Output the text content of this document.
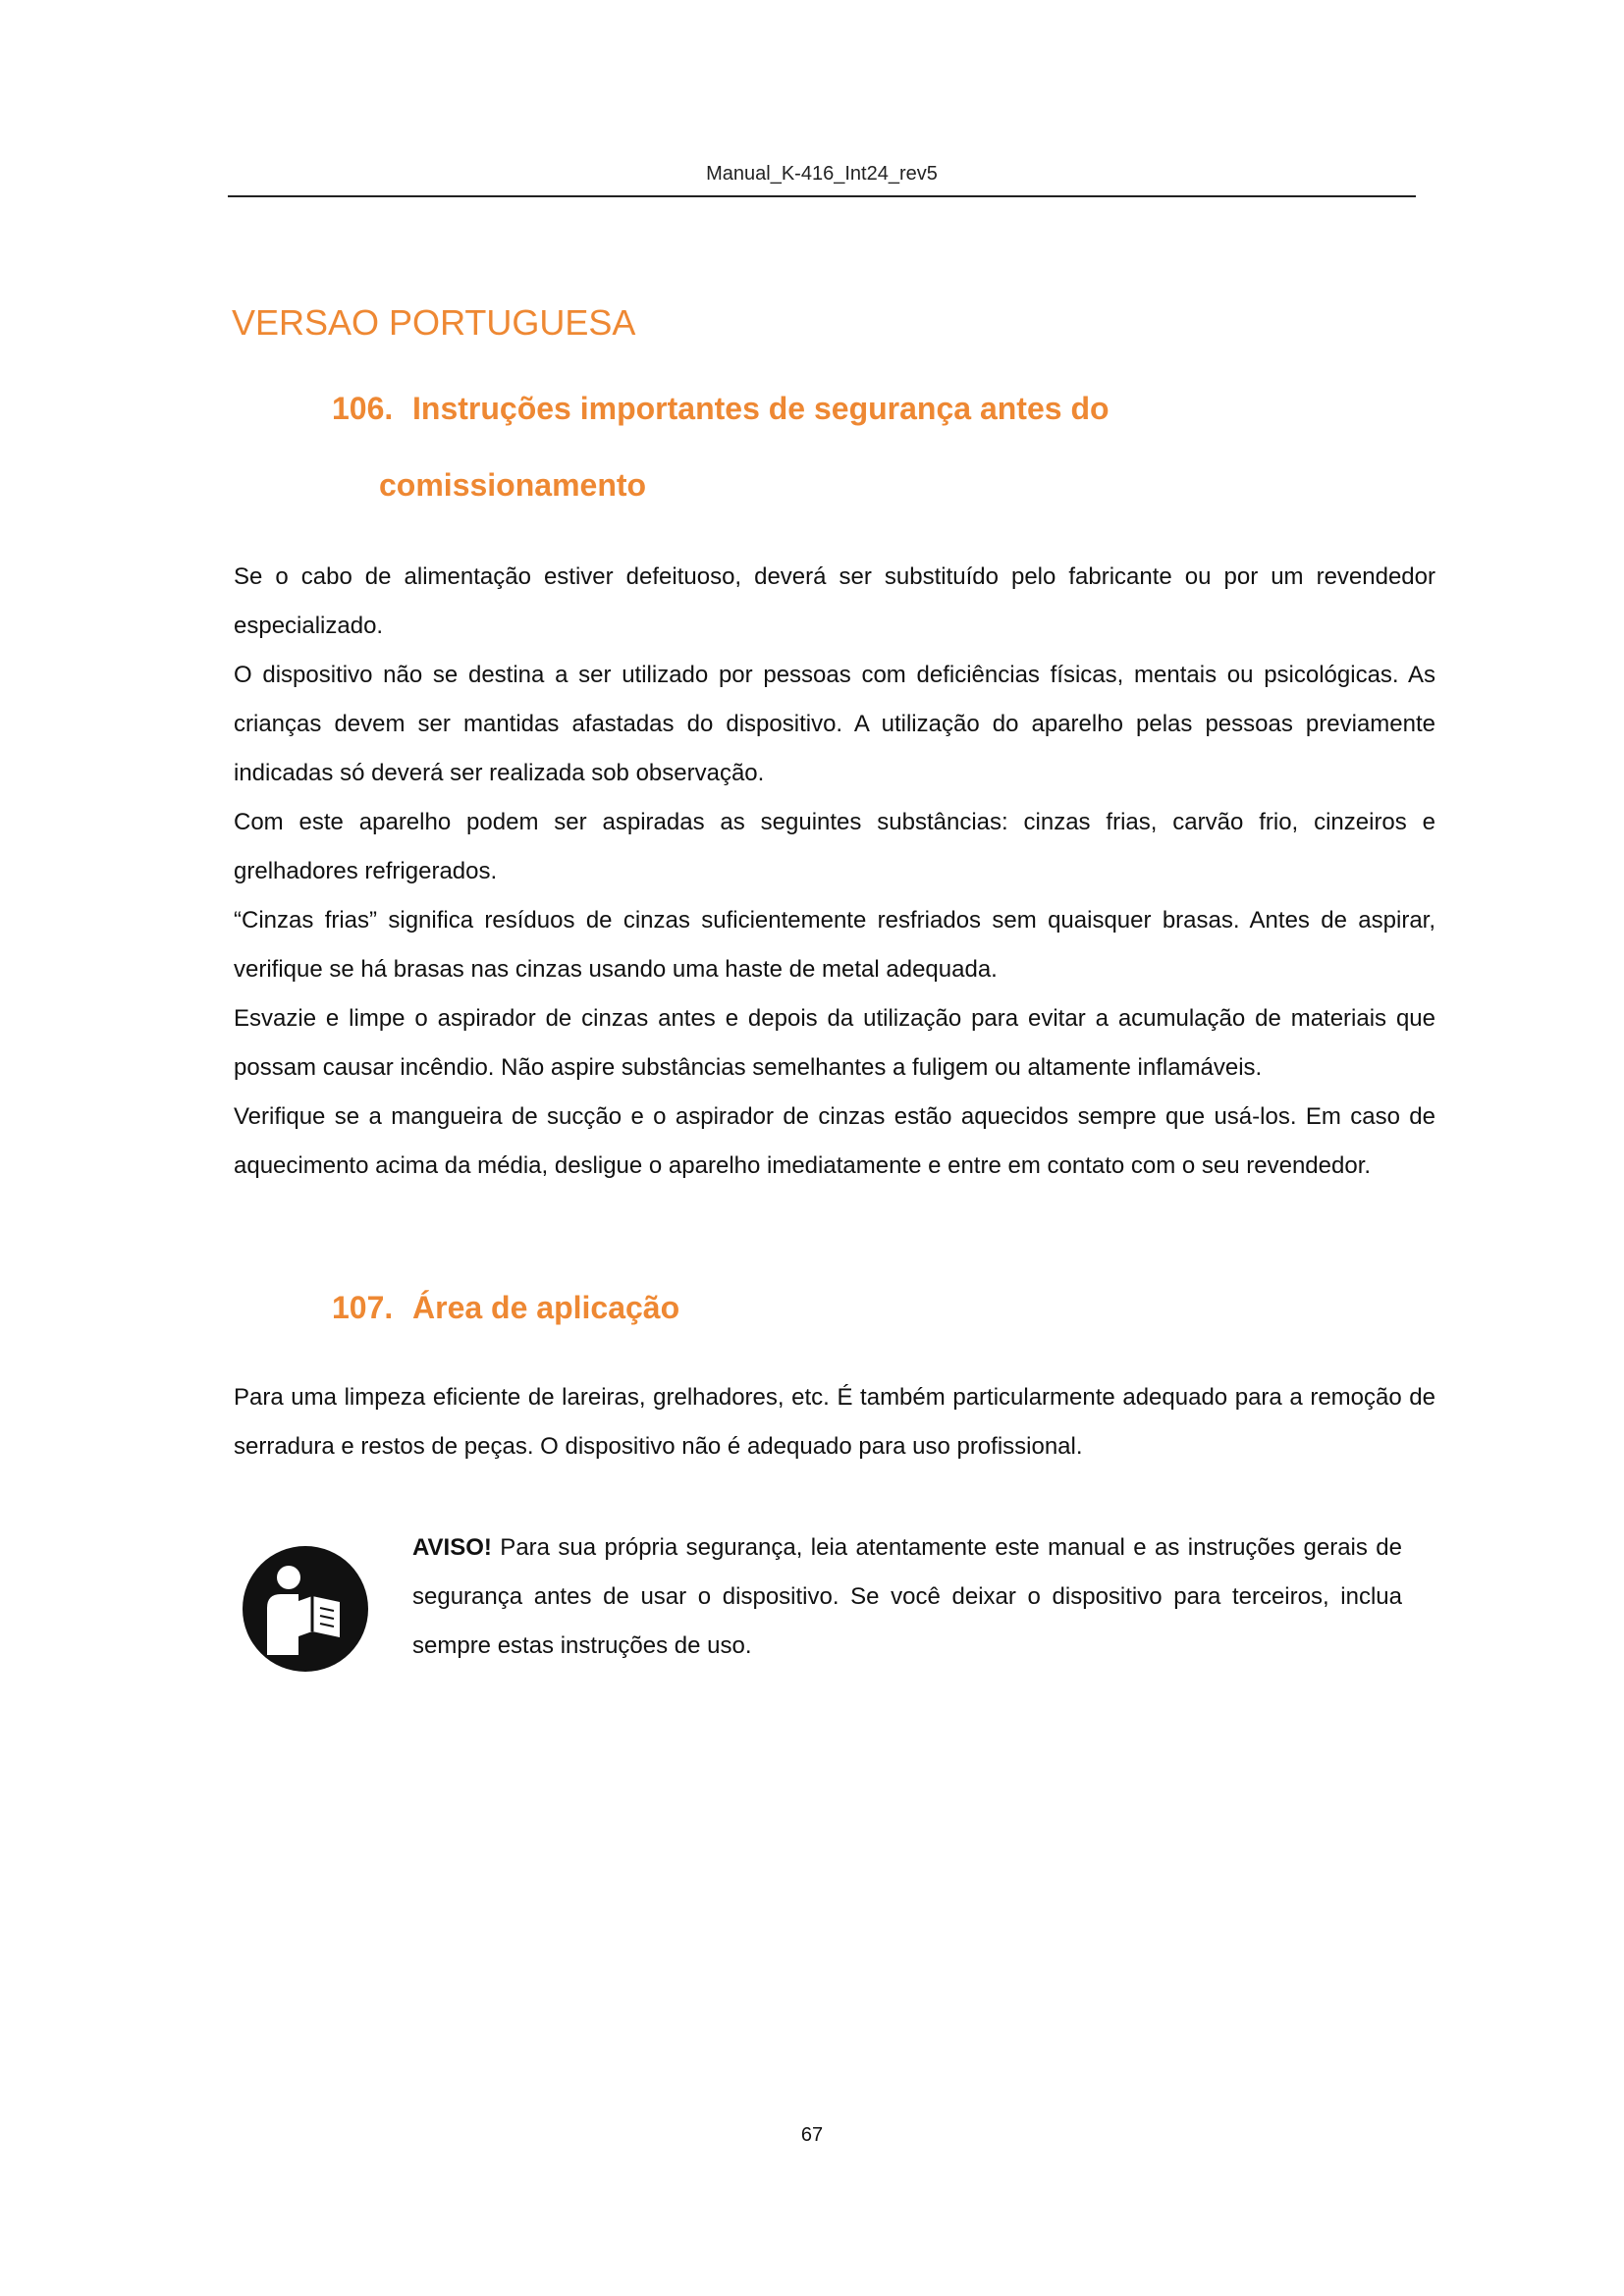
Manual_K-416_Int24_rev5
VERSAO PORTUGUESA
106. Instruções importantes de segurança antes do
comissionamento

Se o cabo de alimentação estiver defeituoso, deverá ser substituído pelo fabricante ou por um revendedor especializado.

O dispositivo não se destina a ser utilizado por pessoas com deficiências físicas, mentais ou psicológicas. As crianças devem ser mantidas afastadas do dispositivo. A utilização do aparelho pelas pessoas previamente indicadas só deverá ser realizada sob observação.

Com este aparelho podem ser aspiradas as seguintes substâncias: cinzas frias, carvão frio, cinzeiros e grelhadores refrigerados.

“Cinzas frias” significa resíduos de cinzas suficientemente resfriados sem quaisquer brasas. Antes de aspirar, verifique se há brasas nas cinzas usando uma haste de metal adequada.

Esvazie e limpe o aspirador de cinzas antes e depois da utilização para evitar a acumulação de materiais que possam causar incêndio. Não aspire substâncias semelhantes a fuligem ou altamente inflamáveis.

Verifique se a mangueira de sucção e o aspirador de cinzas estão aquecidos sempre que usá-los. Em caso de aquecimento acima da média, desligue o aparelho imediatamente e entre em contato com o seu revendedor.

107. Área de aplicação

Para uma limpeza eficiente de lareiras, grelhadores, etc. É também particularmente adequado para a remoção de serradura e restos de peças. O dispositivo não é adequado para uso profissional.

AVISO! Para sua própria segurança, leia atentamente este manual e as instruções gerais de segurança antes de usar o dispositivo. Se você deixar o dispositivo para terceiros, inclua sempre estas instruções de uso.

67
